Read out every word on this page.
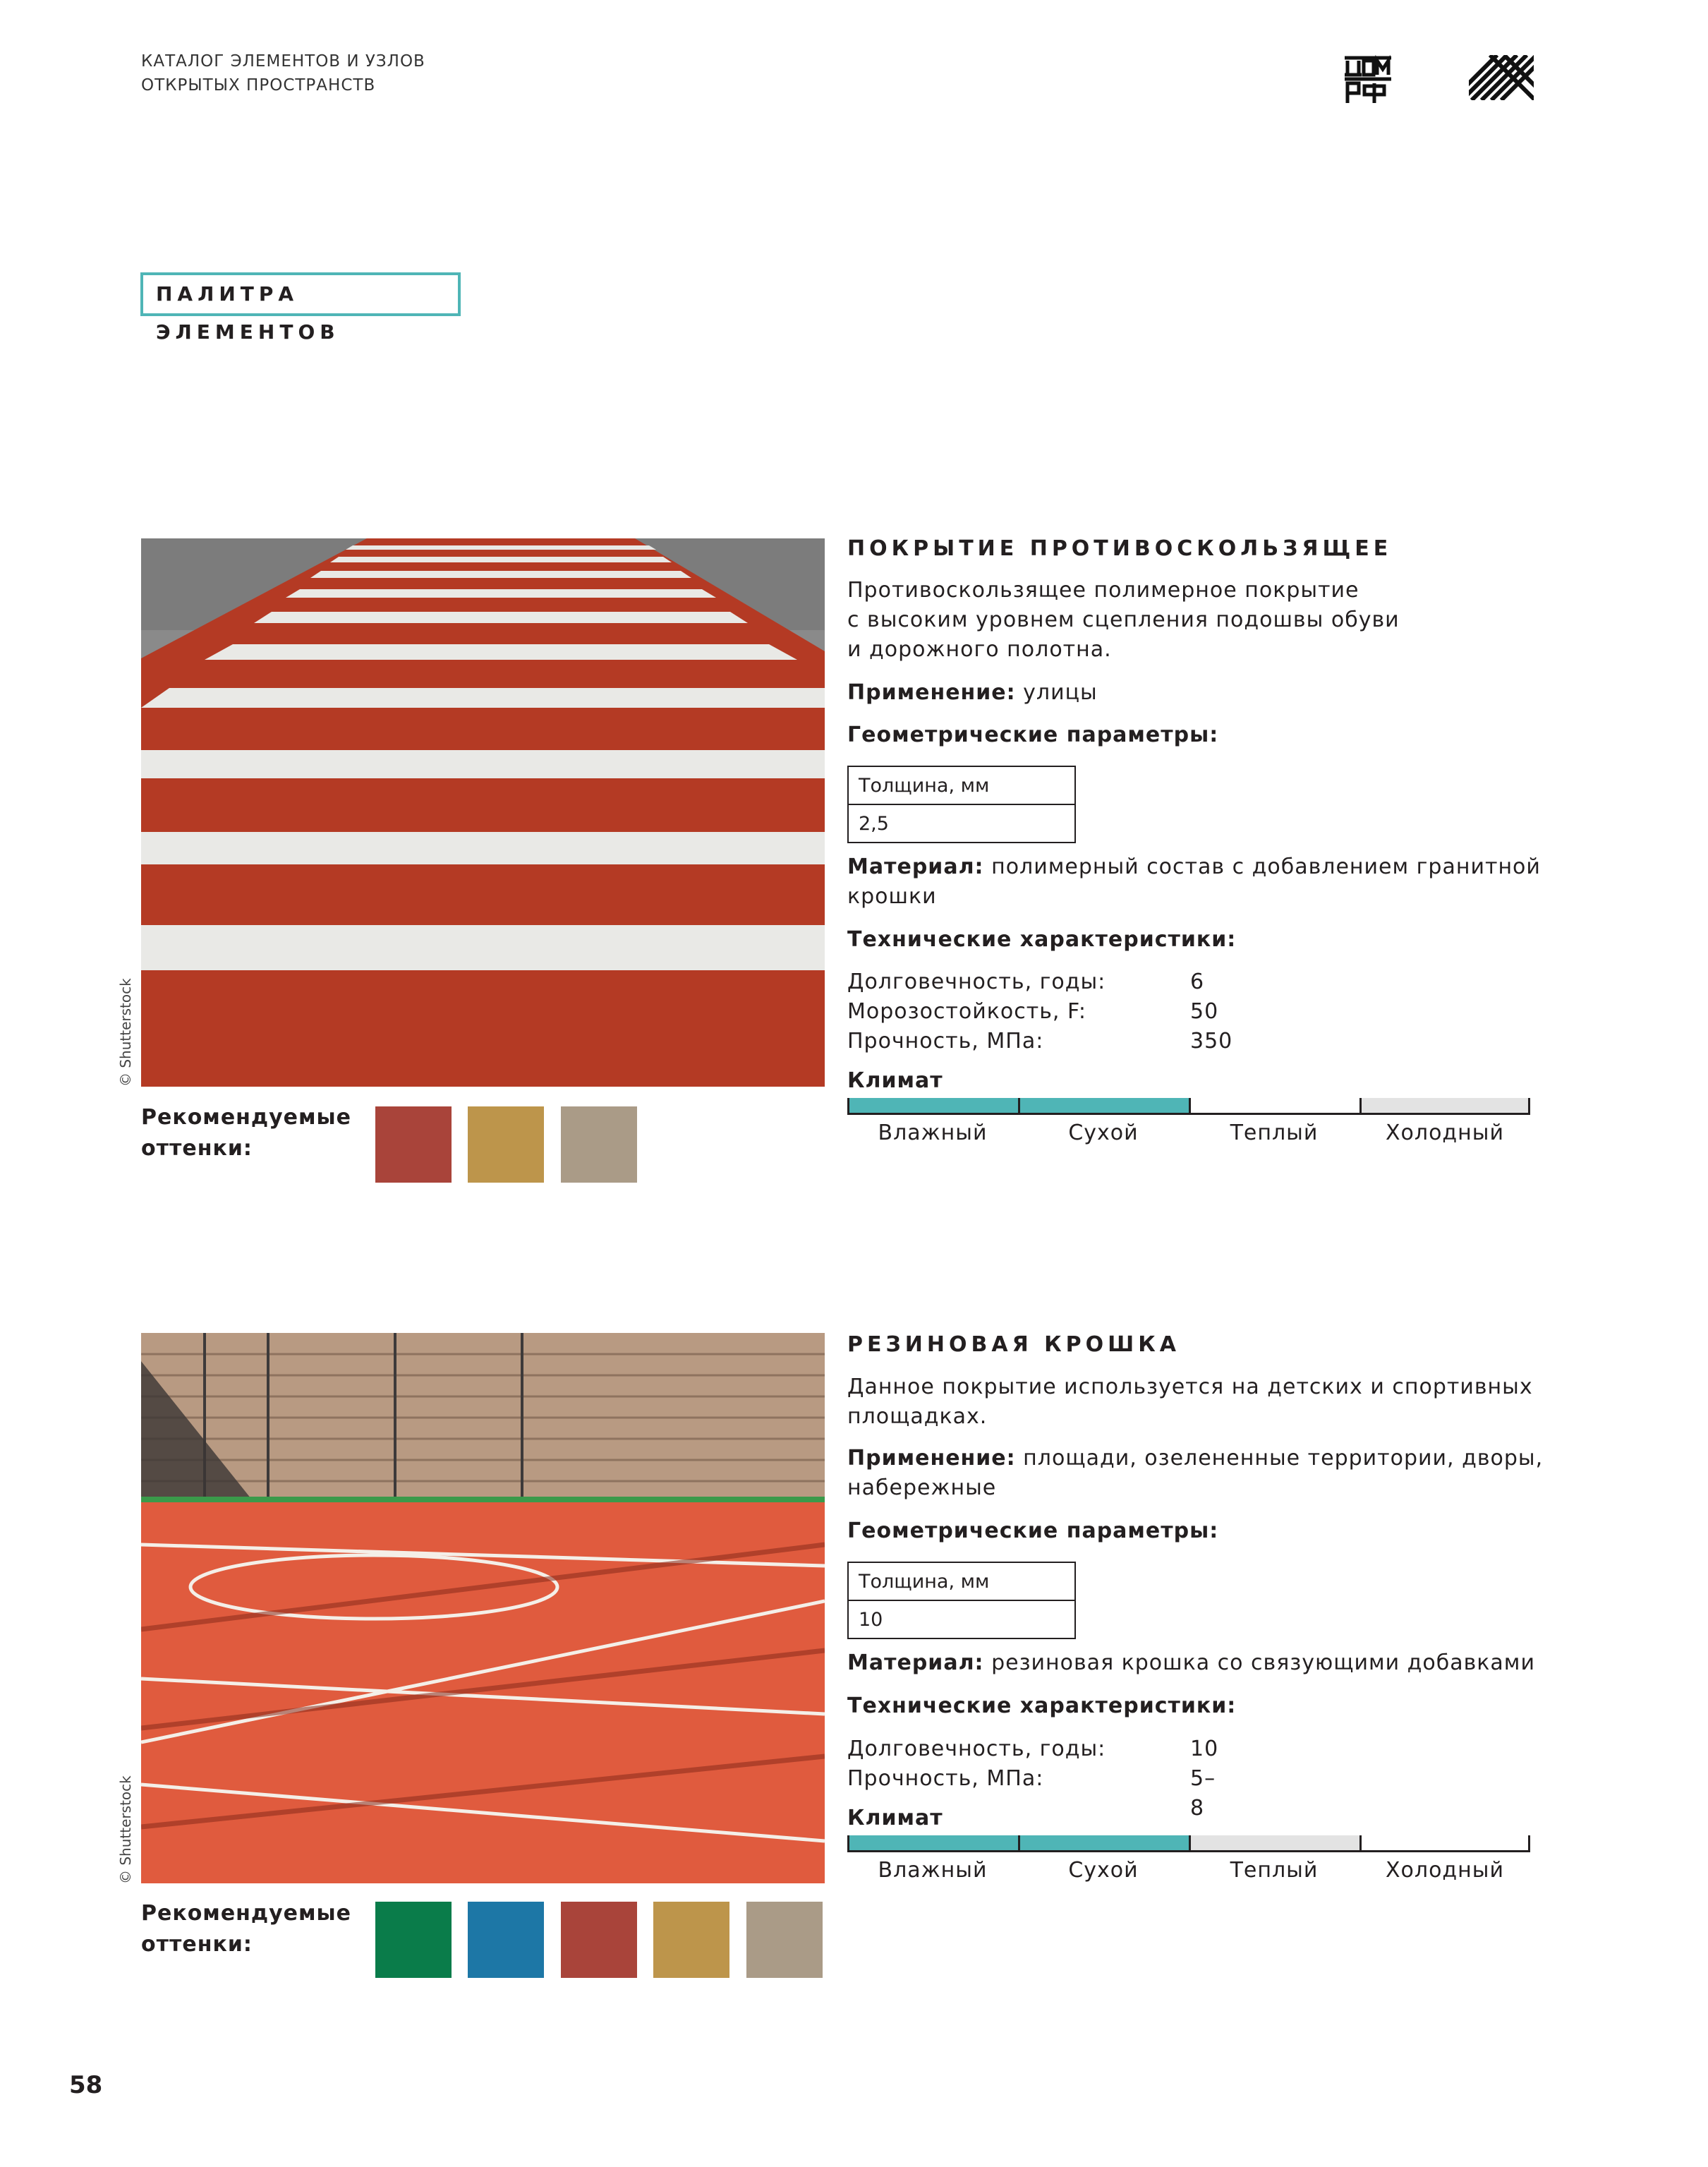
КАТАЛОГ ЭЛЕМЕНТОВ И УЗЛОВ
ОТКРЫТЫХ ПРОСТРАНСТВ
ПАЛИТРА ЭЛЕМЕНТОВ
© Shutterstock
ПОКРЫТИЕ ПРОТИВОСКОЛЬЗЯЩЕЕ
Противоскользящее полимерное покрытие
с высоким уровнем сцепления подошвы обуви
и дорожного полотна.
Применение: улицы
Геометрические параметры:
Толщина, мм
2,5
Материал: полимерный состав с добавлением гранитной
крошки
Технические характеристики:
Долговечность, годы:	6
Морозостойкость, F:	50
Прочность, МПа:	350
Климат
Влажный	Сухой	Теплый	Холодный
Рекомендуемые
оттенки:
© Shutterstock
РЕЗИНОВАЯ КРОШКА
Данное покрытие используется на детских и спортивных
площадках.
Применение: площади, озелененные территории, дворы,
набережные
Геометрические параметры:
Толщина, мм
10
Материал: резиновая крошка со связующими добавками
Технические характеристики:
Долговечность, годы:	10
Прочность, МПа:	5–8
Климат
Влажный	Сухой	Теплый	Холодный
Рекомендуемые
оттенки:
58
